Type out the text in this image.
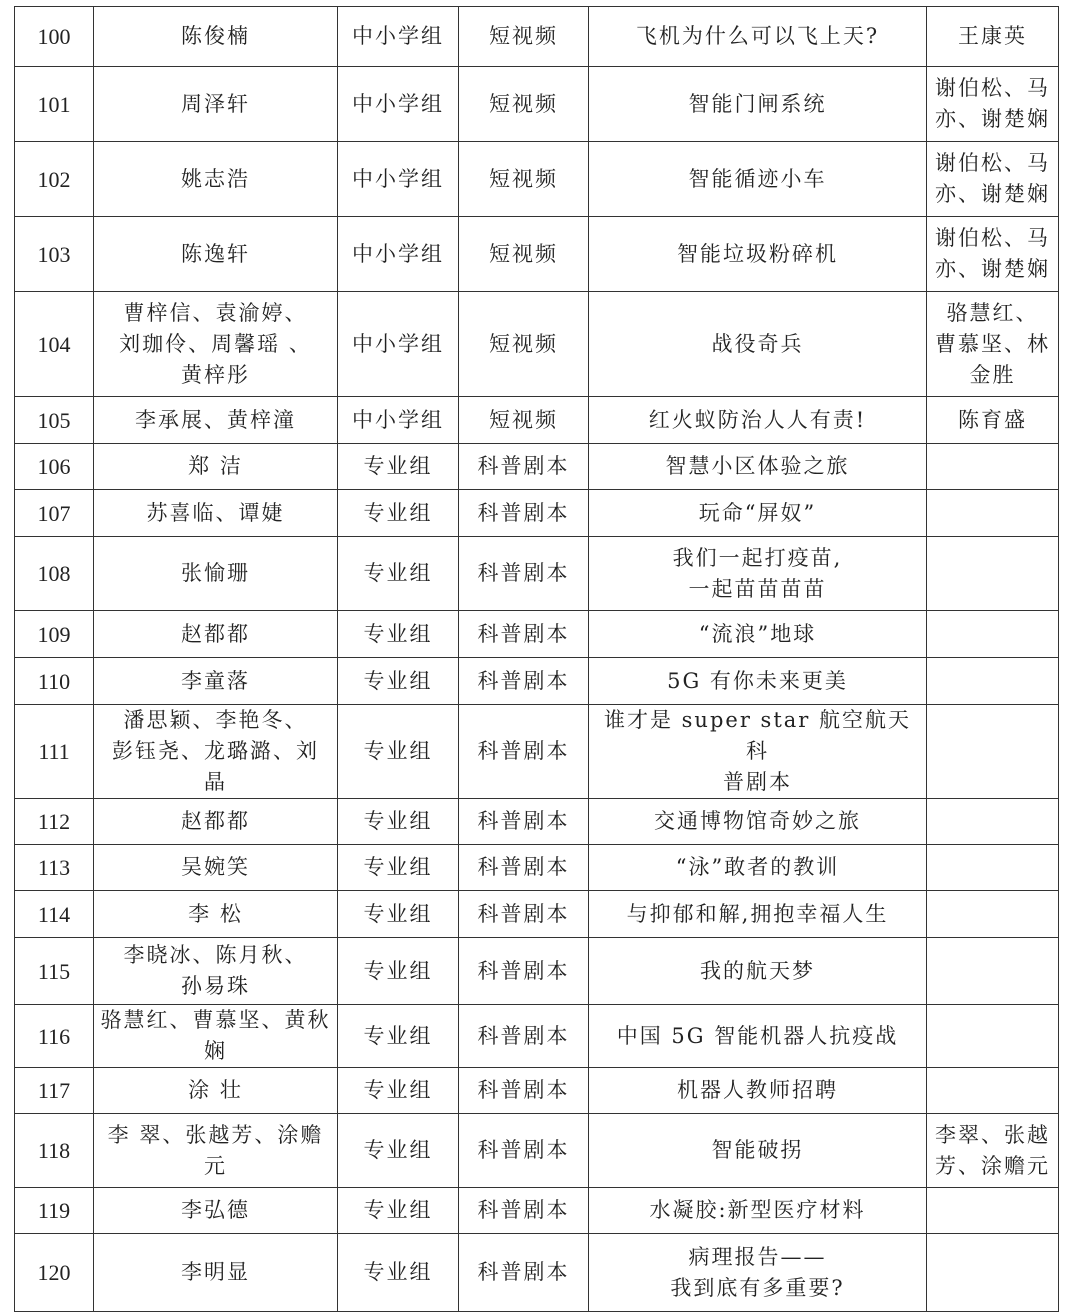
100	陈俊楠	中小学组	短视频	飞机为什么可以飞上天?	王康英
101	周泽轩	中小学组	短视频	智能门闸系统	谢伯松、马
亦、谢楚娴
102	姚志浩	中小学组	短视频	智能循迹小车	谢伯松、马
亦、谢楚娴
103	陈逸轩	中小学组	短视频	智能垃圾粉碎机	谢伯松、马
亦、谢楚娴
104	曹梓信、袁渝婷、
刘珈伶、周馨瑶 、
黄梓彤	中小学组	短视频	战役奇兵	骆慧红、
曹慕坚、林
金胜
105	李承展、黄梓潼	中小学组	短视频	红火蚁防治人人有责!	陈育盛
106	郑 洁	专业组	科普剧本	智慧小区体验之旅	
107	苏喜临、谭婕	专业组	科普剧本	玩命“屏奴”	
108	张愉珊	专业组	科普剧本	我们一起打疫苗,
一起苗苗苗苗	
109	赵都都	专业组	科普剧本	“流浪”地球	
110	李童落	专业组	科普剧本	5G 有你未来更美	
111	潘思颖、李艳冬、
彭钰尧、龙璐潞、刘 晶	专业组	科普剧本	谁才是 super star 航空航天科
普剧本	
112	赵都都	专业组	科普剧本	交通博物馆奇妙之旅	
113	吴婉笑	专业组	科普剧本	“泳”敢者的教训	
114	李 松	专业组	科普剧本	与抑郁和解,拥抱幸福人生	
115	李晓冰、陈月秋、
孙易珠	专业组	科普剧本	我的航天梦	
116	骆慧红、曹慕坚、黄秋娴	专业组	科普剧本	中国 5G 智能机器人抗疫战	
117	涂 壮	专业组	科普剧本	机器人教师招聘	
118	李 翠、张越芳、涂赡元	专业组	科普剧本	智能破拐	李翠、张越
芳、涂赡元
119	李弘德	专业组	科普剧本	水凝胶:新型医疗材料	
120	李明显	专业组	科普剧本	病理报告——
我到底有多重要?	
